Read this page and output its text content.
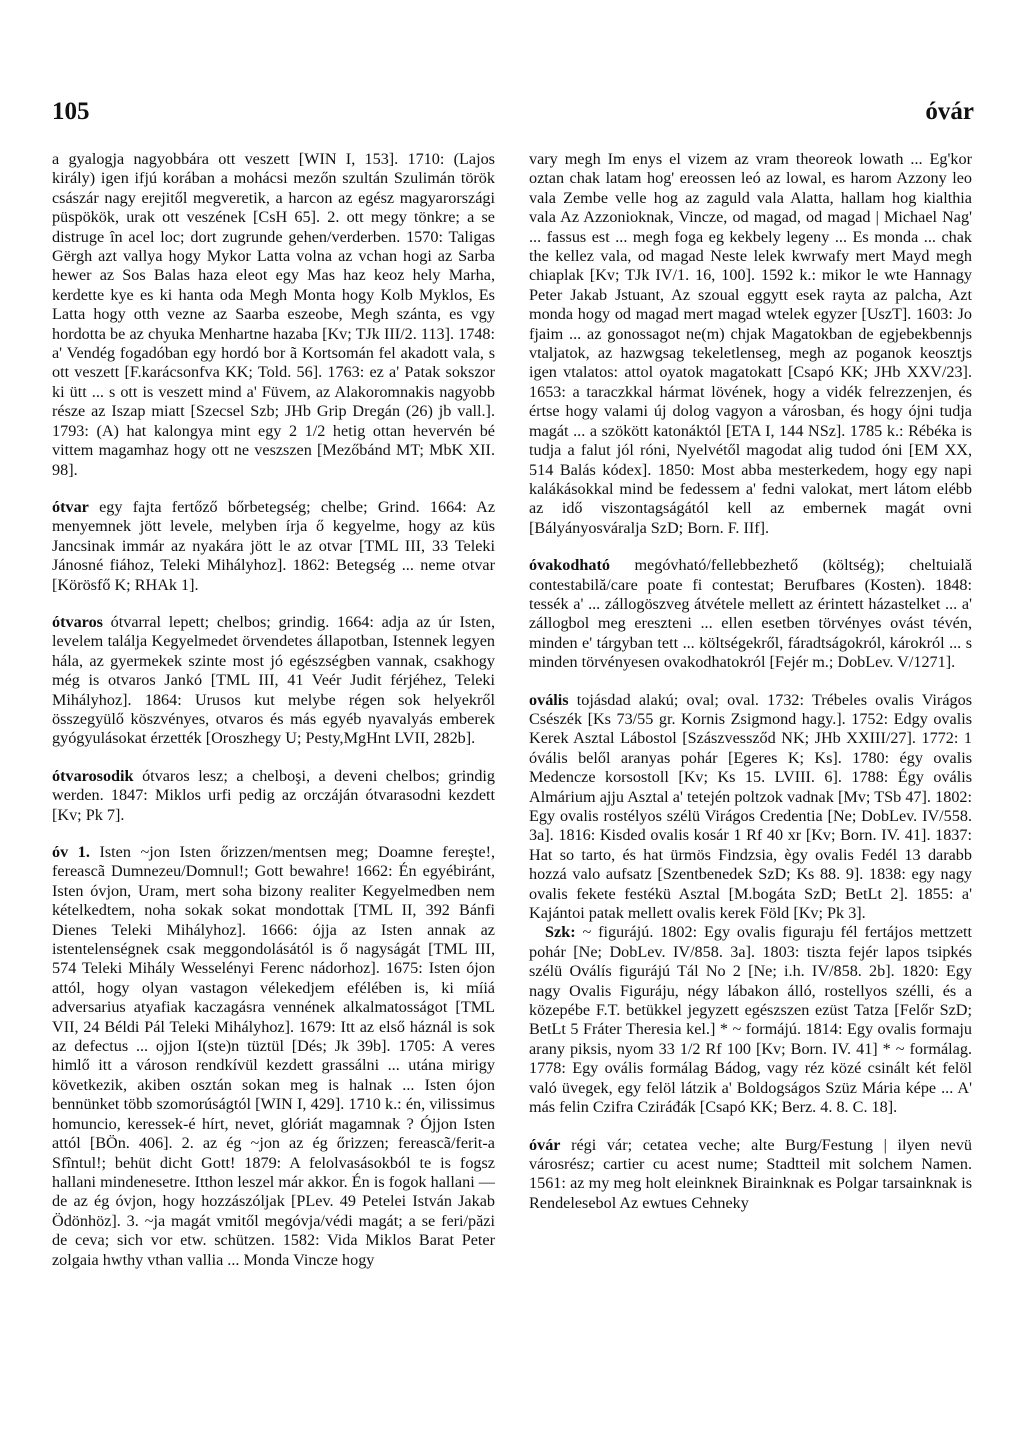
105	óvár

a gyalogja nagyobbára ott veszett [WIN I, 153]. 1710: (Lajos király) igen ifjú korában a mohácsi mezőn szultán Szulimán török császár nagy erejitől megveretik, a harcon az egész magyarországi püspökök, urak ott veszének [CsH 65]. 2. ott megy tönkre; a se distruge în acel loc; dort zugrunde gehen/verderben. 1570: Taligas Gërgh azt vallya hogy Mykor Latta volna az vchan hogi az Sarba hewer az Sos Balas haza eleot egy Mas haz keoz hely Marha, kerdette kye es ki hanta oda Megh Monta hogy Kolb Myklos, Es Latta hogy otth vezne az Saarba eszeobe, Megh szánta, es vgy hordotta be az chyuka Menhartne hazaba [Kv; TJk III/2. 113]. 1748: a' Vendég fogadóban egy hordó bor ã Kortsomán fel akadott vala, s ott veszett [F.karácsonfva KK; Told. 56]. 1763: ez a' Patak sokszor ki ütt ... s ott is veszett mind a' Füvem, az Alakoromnakis nagyobb része az Iszap miatt [Szecsel Szb; JHb Grip Dregán (26) jb vall.]. 1793: (A) hat kalongya mint egy 2 1/2 hetig ottan hevervén bé vittem magamhaz hogy ott ne veszszen [Mezőbánd MT; MbK XII. 98].

ótvar egy fajta fertőző bőrbetegség; chelbe; Grind. 1664: Az menyemnek jött levele, melyben írja ő kegyelme, hogy az küs Jancsinak immár az nyakára jött le az otvar [TML III, 33 Teleki Jánosné fiához, Teleki Mihályhoz]. 1862: Betegség ... neme otvar [Körösfő K; RHAk 1].

ótvaros ótvarral lepett; chelbos; grindig. 1664: adja az úr Isten, levelem találja Kegyelmedet örvendetes állapotban, Istennek legyen hála, az gyermekek szinte most jó egészségben vannak, csakhogy még is otvaros Jankó [TML III, 41 Veér Judit férjéhez, Teleki Mihályhoz]. 1864: Urusos kut melybe régen sok helyekről összegyülő köszvényes, otvaros és más egyéb nyavalyás emberek gyógyulásokat érzették [Oroszhegy U; Pesty,MgHnt LVII, 282b].

ótvarosodik ótvaros lesz; a chelboşi, a deveni chelbos; grindig werden. 1847: Miklos urfi pedig az orczáján ótvarasodni kezdett [Kv; Pk 7].

óv 1. Isten ~jon Isten őrizzen/mentsen meg; Doamne fereşte!, fereascã Dumnezeu/Domnul!; Gott bewahre! 1662: Én egyébiránt, Isten óvjon, Uram, mert soha bizony realiter Kegyelmedben nem kételkedtem, noha sokak sokat mondottak [TML II, 392 Bánfi Dienes Teleki Mihályhoz]. 1666: ójja az Isten annak az istentelenségnek csak meggondolásától is ő nagyságát [TML III, 574 Teleki Mihály Wesselényi Ferenc nádorhoz]. 1675: Isten ójon attól, hogy olyan vastagon vélekedjem efélében is, ki míiá adversarius atyafiak kaczagásra vennének alkalmatosságot [TML VII, 24 Béldi Pál Teleki Mihályhoz]. 1679: Itt az első háznál is sok az defectus ... ojjon I(ste)n tüztül [Dés; Jk 39b]. 1705: A veres himlő itt a városon rendkívül kezdett grassálni ... utána mirigy következik, akiben osztán sokan meg is halnak ... Isten ójon bennünket több szomorúságtól [WIN I, 429]. 1710 k.: én, vilissimus homuncio, keressek-é hírt, nevet, glóriát magamnak ? Ójjon Isten attól [BÖn. 406]. 2. az ég ~jon az ég őrizzen; fereascã/ferit-a Sfîntul!; behüt dicht Gott! 1879: A felolvasásokból te is fogsz hallani mindenesetre. Itthon leszel már akkor. Én is fogok hallani — de az ég óvjon, hogy hozzászóljak [PLev. 49 Petelei István Jakab Ödönhöz]. 3. ~ja magát vmitől megóvja/védi magát; a se feri/păzi de ceva; sich vor etw. schützen. 1582: Vida Miklos Barat Peter zolgaia hwthy vthan vallia ... Monda Vincze hogy

vary megh Im enys el vizem az vram theoreok lowath ... Eg'kor oztan chak latam hog' ereossen leó az lowal, es harom Azzony leo vala Zembe velle hog az zaguld vala Alatta, hallam hog kialthia vala Az Azzonioknak, Vincze, od magad, od magad | Michael Nag' ... fassus est ... megh foga eg kekbely legeny ... Es monda ... chak the kellez vala, od magad Neste lelek kwrwafy mert Mayd megh chiaplak [Kv; TJk IV/1. 16, 100]. 1592 k.: mikor le wte Hannagy Peter Jakab Jstuant, Az szoual eggytt esek rayta az palcha, Azt monda hogy od magad mert magad wtelek egyzer [UszT]. 1603: Jo fjaim ... az gonossagot ne(m) chjak Magatokban de egjebekbennjs vtaljatok, az hazwgsag tekeletlenseg, megh az poganok keosztjs igen vtalatos: attol oyatok magatokatt [Csapó KK; JHb XXV/23]. 1653: a taraczkkal hármat lövének, hogy a vidék felrezzenjen, és értse hogy valami új dolog vagyon a városban, és hogy ójni tudja magát ... a szökött katonáktól [ETA I, 144 NSz]. 1785 k.: Rébéka is tudja a falut jól róni, Nyelvétől magodat alig tudod óni [EM XX, 514 Balás kódex]. 1850: Most abba mesterkedem, hogy egy napi kalákásokkal mind be fedessem a' fedni valokat, mert látom elébb az idő viszontagságától kell az embernek magát ovni [Bályányosváralja SzD; Born. F. IIf].

óvakodható megóvható/fellebbezhető (költség); cheltuială contestabilă/care poate fi contestat; Berufbares (Kosten). 1848: tessék a' ... zállogöszveg átvétele mellett az érintett házastelket ... a' zállogbol meg ereszteni ... ellen esetben törvényes ovást tévén, minden e' tárgyban tett ... költségekről, fáradtságokról, károkról ... s minden törvényesen ovakodhatokról [Fejér m.; DobLev. V/1271].

ovális tojásdad alakú; oval; oval. 1732: Trébeles ovalis Virágos Csészék [Ks 73/55 gr. Kornis Zsigmond hagy.]. 1752: Edgy ovalis Kerek Asztal Lábostol [Szászvessződ NK; JHb XXIII/27]. 1772: 1 óvális belől aranyas pohár [Egeres K; Ks]. 1780: égy ovalis Medencze korsostoll [Kv; Ks 15. LVIII. 6]. 1788: Égy ovális Almárium ajju Asztal a' tetején poltzok vadnak [Mv; TSb 47]. 1802: Egy ovalis rostélyos szélü Virágos Credentia [Ne; DobLev. IV/558. 3a]. 1816: Kisded ovalis kosár 1 Rf 40 xr [Kv; Born. IV. 41]. 1837: Hat so tarto, és hat ürmös Findzsia, ègy ovalis Fedél 13 darabb hozzá valo aufsatz [Szentbenedek SzD; Ks 88. 9]. 1838: egy nagy ovalis fekete festékü Asztal [M.bogáta SzD; BetLt 2]. 1855: a' Kajántoi patak mellett ovalis kerek Föld [Kv; Pk 3].

Szk: ~ figurájú. 1802: Egy ovalis figuraju fél fertájos mettzett pohár [Ne; DobLev. IV/858. 3a]. 1803: tiszta fejér lapos tsipkés szélü Oválís figurájú Tál No 2 [Ne; i.h. IV/858. 2b]. 1820: Egy nagy Ovalis Figuráju, négy lábakon álló, rostellyos szélli, és a közepébe F.T. betükkel jegyzett egészszen ezüst Tatza [Felőr SzD; BetLt 5 Fráter Theresia kel.] * ~ formájú. 1814: Egy ovalis formaju arany piksis, nyom 33 1/2 Rf 100 [Kv; Born. IV. 41] * ~ formálag. 1778: Egy ovális formálag Bádog, vagy réz közé csinált két felöl való üvegek, egy felöl látzik a' Boldogságos Szüz Mária képe ... A' más felin Czifra Cziráđák [Csapó KK; Berz. 4. 8. C. 18].

óvár régi vár; cetatea veche; alte Burg/Festung | ilyen nevü városrész; cartier cu acest nume; Stadtteil mit solchem Namen. 1561: az my meg holt eleinknek Birainknak es Polgar tarsainknak is Rendelesebol Az ewtues Cehneky
